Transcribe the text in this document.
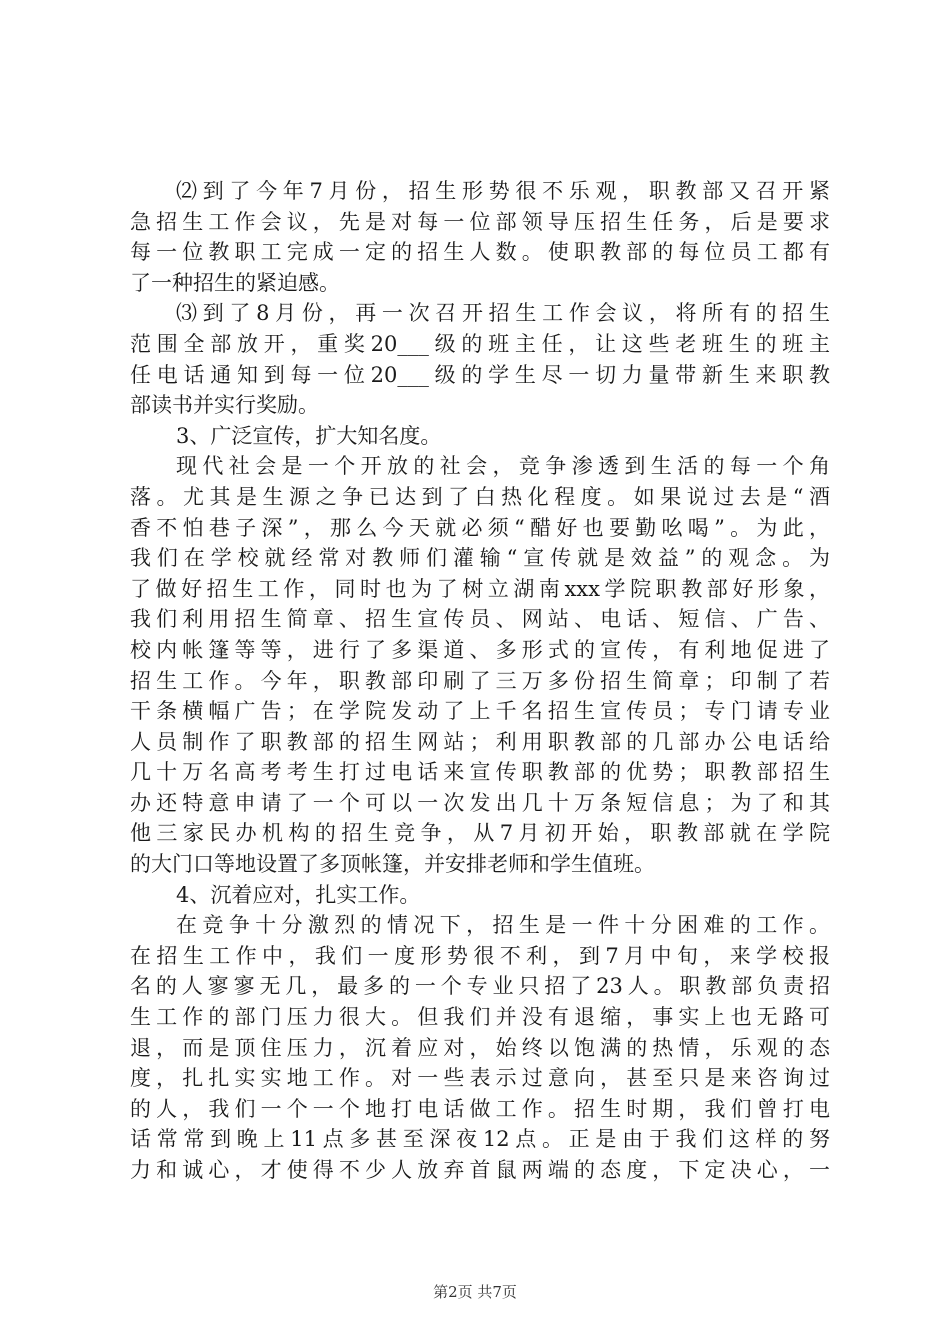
⑵到了今年7月份，招生形势很不乐观，职教部又召开紧
急招生工作会议，先是对每一位部领导压招生任务，后是要求
每一位教职工完成一定的招生人数。使职教部的每位员工都有
了一种招生的紧迫感。
⑶到了8月份，再一次召开招生工作会议，将所有的招生
范围全部放开，重奖20___级的班主任，让这些老班生的班主
任电话通知到每一位20___级的学生尽一切力量带新生来职教
部读书并实行奖励。
3、广泛宣传，扩大知名度。
现代社会是一个开放的社会，竞争渗透到生活的每一个角
落。尤其是生源之争已达到了白热化程度。如果说过去是“酒
香不怕巷子深”，那么今天就必须“醋好也要勤吆喝”。为此，
我们在学校就经常对教师们灌输“宣传就是效益”的观念。为
了做好招生工作，同时也为了树立湖南xxx学院职教部好形象，
我们利用招生简章、招生宣传员、网站、电话、短信、广告、
校内帐篷等等，进行了多渠道、多形式的宣传，有利地促进了
招生工作。今年，职教部印刷了三万多份招生简章；印制了若
干条横幅广告；在学院发动了上千名招生宣传员；专门请专业
人员制作了职教部的招生网站；利用职教部的几部办公电话给
几十万名高考考生打过电话来宣传职教部的优势；职教部招生
办还特意申请了一个可以一次发出几十万条短信息；为了和其
他三家民办机构的招生竞争，从7月初开始，职教部就在学院
的大门口等地设置了多顶帐篷，并安排老师和学生值班。
4、沉着应对，扎实工作。
在竞争十分激烈的情况下，招生是一件十分困难的工作。
在招生工作中，我们一度形势很不利，到7月中旬，来学校报
名的人寥寥无几，最多的一个专业只招了23人。职教部负责招
生工作的部门压力很大。但我们并没有退缩，事实上也无路可
退，而是顶住压力，沉着应对，始终以饱满的热情，乐观的态
度，扎扎实实地工作。对一些表示过意向，甚至只是来咨询过
的人，我们一个一个地打电话做工作。招生时期，我们曾打电
话常常到晚上11点多甚至深夜12点。正是由于我们这样的努
力和诚心，才使得不少人放弃首鼠两端的态度，下定决心，一
第2页 共7页
